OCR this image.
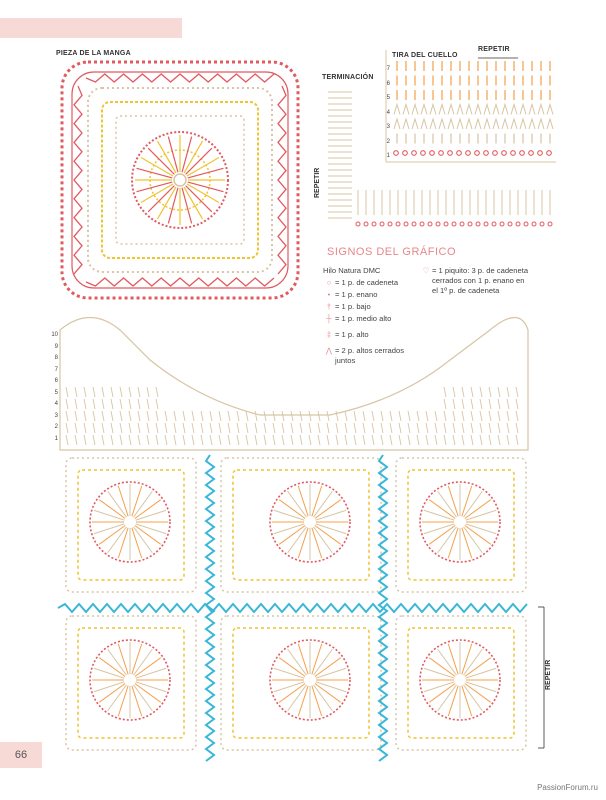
PIEZA DE LA MANGA	TIRA DEL CUELLO
REPETIR
TERMINACIÓN
REPETIR
REPETIR
SIGNOS DEL GRÁFICO
Hilo Natura DMC
○ = 1 p. de cadeneta
• = 1 p. enano
† = 1 p. bajo
┼ = 1 p. medio alto
‡ = 1 p. alto
⋀ = 2 p. altos cerrados juntos
♡ = 1 piquito: 3 p. de cadeneta cerrados con 1 p. enano en el 1º p. de cadeneta
7
6
5
4
3
2
1
10
9
8
7
6
5
4
3
2
1
66
PassionForum.ru
